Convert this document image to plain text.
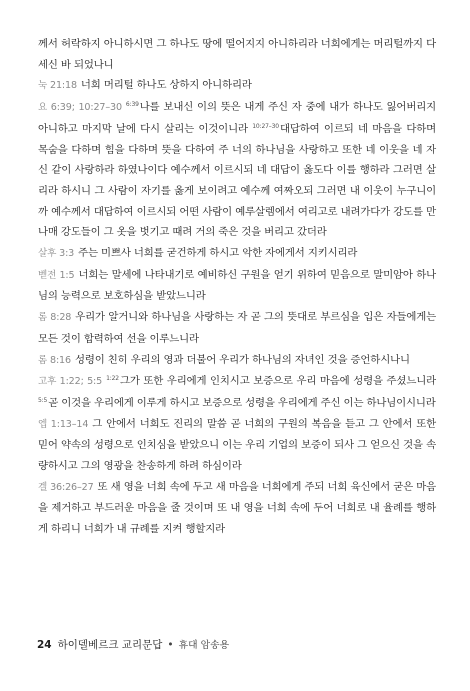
께서 허락하지 아니하시면 그 하나도 땅에 떨어지지 아니하리라 너희에게는 머리털까지 다 세신 바 되었나니

눅 21:18 너희 머리털 하나도 상하지 아니하리라

요 6:39; 10:27–30 $^{6:39}$나를 보내신 이의 뜻은 내게 주신 자 중에 내가 하나도 잃어버리지 아니하고 마지막 날에 다시 살리는 이것이니라 $^{10:27-30}$대답하여 이르되 네 마음을 다하며 목숨을 다하며 힘을 다하며 뜻을 다하여 주 너의 하나님을 사랑하고 또한 네 이웃을 네 자신 같이 사랑하라 하였나이다 예수께서 이르시되 네 대답이 옳도다 이를 행하라 그러면 살리라 하시니 그 사람이 자기를 옳게 보이려고 예수께 여짜오되 그러면 내 이웃이 누구니이까 예수께서 대답하여 이르시되 어떤 사람이 예루살렘에서 여리고로 내려가다가 강도를 만나매 강도들이 그 옷을 벗기고 때려 거의 죽은 것을 버리고 갔더라

살후 3:3 주는 미쁘사 너희를 굳건하게 하시고 악한 자에게서 지키시리라

벧전 1:5 너희는 말세에 나타내기로 예비하신 구원을 얻기 위하여 믿음으로 말미암아 하나님의 능력으로 보호하심을 받았느니라

롬 8:28 우리가 알거니와 하나님을 사랑하는 자 곧 그의 뜻대로 부르심을 입은 자들에게는 모든 것이 합력하여 선을 이루느니라

롬 8:16 성령이 친히 우리의 영과 더불어 우리가 하나님의 자녀인 것을 증언하시나니

고후 1:22; 5:5 $^{1:22}$그가 또한 우리에게 인치시고 보증으로 우리 마음에 성령을 주셨느니라 $^{5:5}$곧 이것을 우리에게 이루게 하시고 보증으로 성령을 우리에게 주신 이는 하나님이시니라

엡 1:13–14 그 안에서 너희도 진리의 말씀 곧 너희의 구원의 복음을 듣고 그 안에서 또한 믿어 약속의 성령으로 인치심을 받았으니 이는 우리 기업의 보증이 되사 그 얻으신 것을 속량하시고 그의 영광을 찬송하게 하려 하심이라

겔 36:26–27 또 새 영을 너희 속에 두고 새 마음을 너희에게 주되 너희 육신에서 굳은 마음을 제거하고 부드러운 마음을 줄 것이며 또 내 영을 너희 속에 두어 너희로 내 율례를 행하게 하리니 너희가 내 규례를 지켜 행할지라

24 하이델베르크 교리문답 • 휴대 암송용
